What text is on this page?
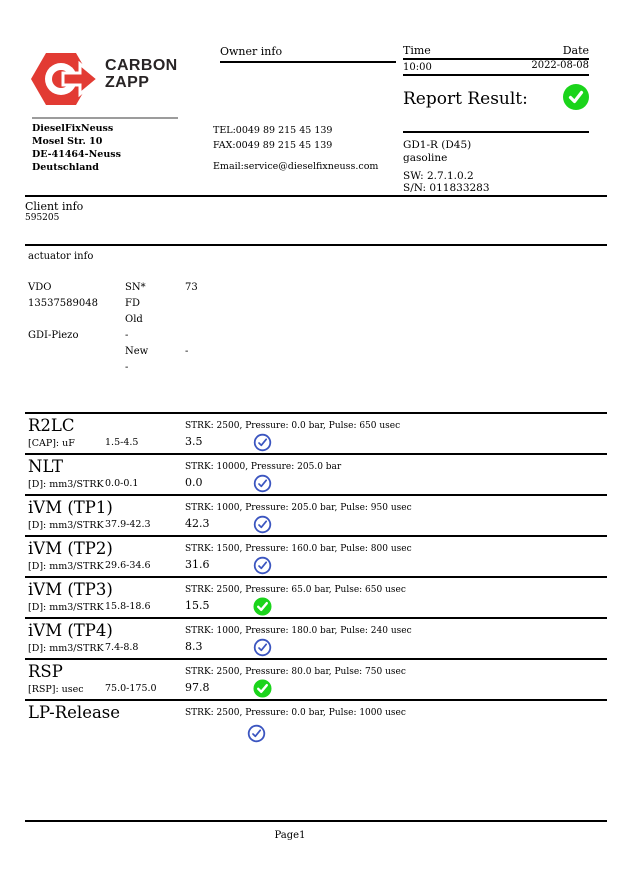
CARBON
ZAPP
Owner info	Time	Date
10:00	2022-08-08
Report Result:
DieselFixNeuss
Mosel Str. 10
DE-41464-Neuss
Deutschland
TEL:0049 89 215 45 139
FAX:0049 89 215 45 139
Email:service@dieselfixneuss.com
GD1-R (D45)
gasoline
SW: 2.7.1.0.2
S/N: 011833283
Client info
595205
actuator info
VDO	SN*	73
13537589048	FD
Old
GDI-Piezo	-
New	-
-
R2LC	STRK: 2500, Pressure: 0.0 bar, Pulse: 650 usec
[CAP]: uF	1.5-4.5	3.5
NLT	STRK: 10000, Pressure: 205.0 bar
[D]: mm3/STRK 0.0-0.1	0.0
iVM (TP1)	STRK: 1000, Pressure: 205.0 bar, Pulse: 950 usec
[D]: mm3/STRK 37.9-42.3	42.3
iVM (TP2)	STRK: 1500, Pressure: 160.0 bar, Pulse: 800 usec
[D]: mm3/STRK 29.6-34.6	31.6
iVM (TP3)	STRK: 2500, Pressure: 65.0 bar, Pulse: 650 usec
[D]: mm3/STRK 15.8-18.6	15.5
iVM (TP4)	STRK: 1000, Pressure: 180.0 bar, Pulse: 240 usec
[D]: mm3/STRK 7.4-8.8	8.3
RSP	STRK: 2500, Pressure: 80.0 bar, Pulse: 750 usec
[RSP]: usec 75.0-175.0	97.8
LP-Release	STRK: 2500, Pressure: 0.0 bar, Pulse: 1000 usec
Page1
